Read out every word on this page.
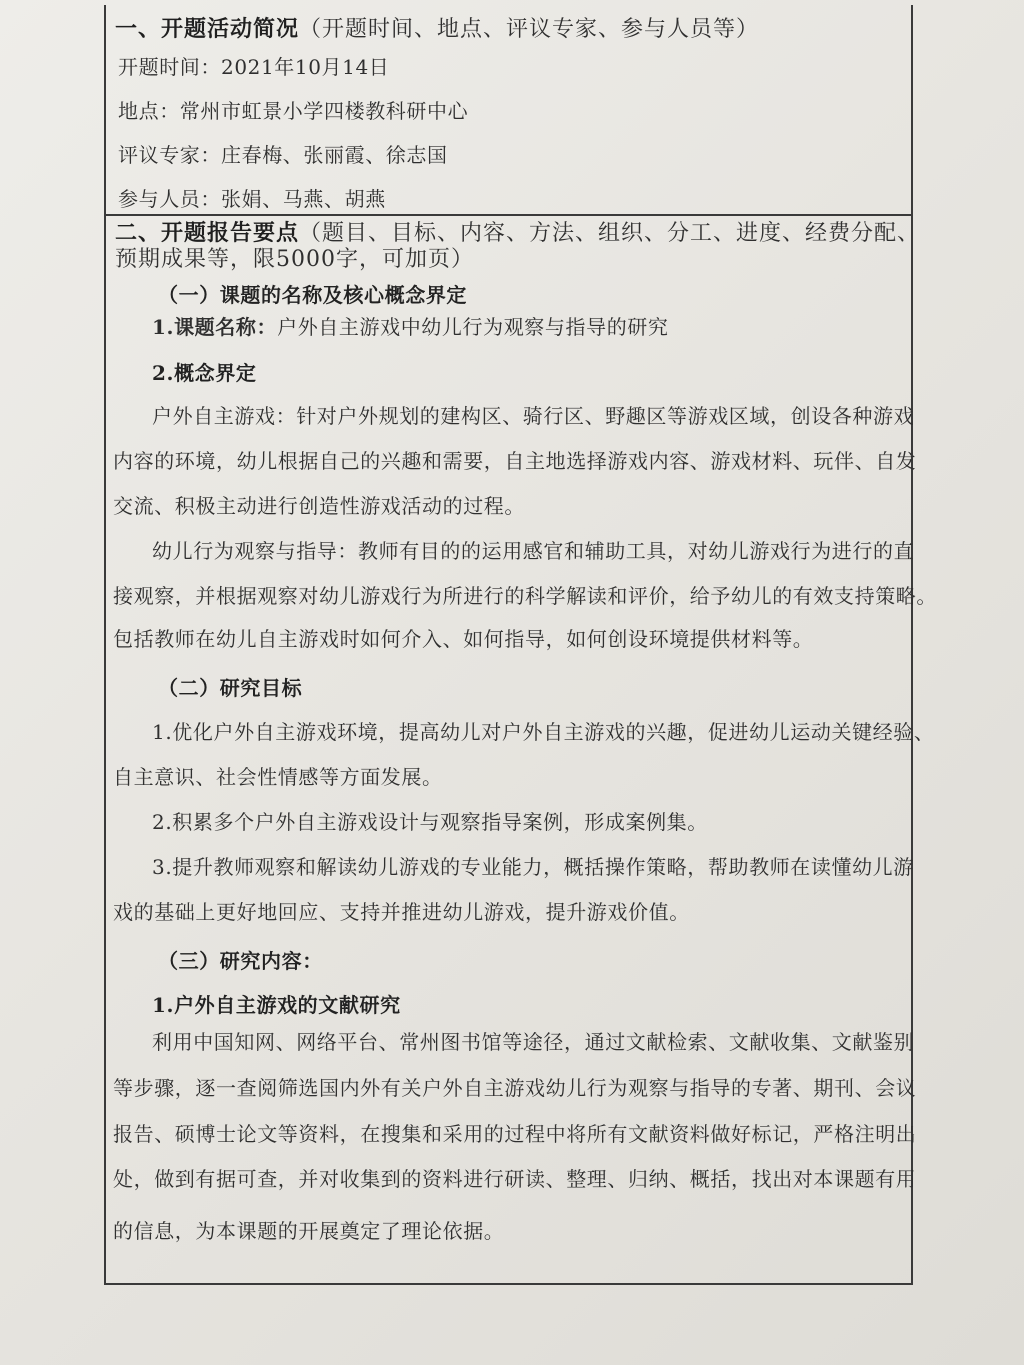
一、开题活动简况（开题时间、地点、评议专家、参与人员等）
开题时间：2021年10月14日
地点：常州市虹景小学四楼教科研中心
评议专家：庄春梅、张丽霞、徐志国
参与人员：张娟、马燕、胡燕
二、开题报告要点（题目、目标、内容、方法、组织、分工、进度、经费分配、
预期成果等，限5000字，可加页）
（一）课题的名称及核心概念界定
1.课题名称：户外自主游戏中幼儿行为观察与指导的研究
2.概念界定
户外自主游戏：针对户外规划的建构区、骑行区、野趣区等游戏区域，创设各种游戏
内容的环境，幼儿根据自己的兴趣和需要，自主地选择游戏内容、游戏材料、玩伴、自发
交流、积极主动进行创造性游戏活动的过程。
幼儿行为观察与指导：教师有目的的运用感官和辅助工具，对幼儿游戏行为进行的直
接观察，并根据观察对幼儿游戏行为所进行的科学解读和评价，给予幼儿的有效支持策略。
包括教师在幼儿自主游戏时如何介入、如何指导，如何创设环境提供材料等。
（二）研究目标
1.优化户外自主游戏环境，提高幼儿对户外自主游戏的兴趣，促进幼儿运动关键经验、
自主意识、社会性情感等方面发展。
2.积累多个户外自主游戏设计与观察指导案例，形成案例集。
3.提升教师观察和解读幼儿游戏的专业能力，概括操作策略，帮助教师在读懂幼儿游
戏的基础上更好地回应、支持并推进幼儿游戏，提升游戏价值。
（三）研究内容：
1.户外自主游戏的文献研究
利用中国知网、网络平台、常州图书馆等途径，通过文献检索、文献收集、文献鉴别
等步骤，逐一查阅筛选国内外有关户外自主游戏幼儿行为观察与指导的专著、期刊、会议
报告、硕博士论文等资料，在搜集和采用的过程中将所有文献资料做好标记，严格注明出
处，做到有据可查，并对收集到的资料进行研读、整理、归纳、概括，找出对本课题有用
的信息，为本课题的开展奠定了理论依据。
